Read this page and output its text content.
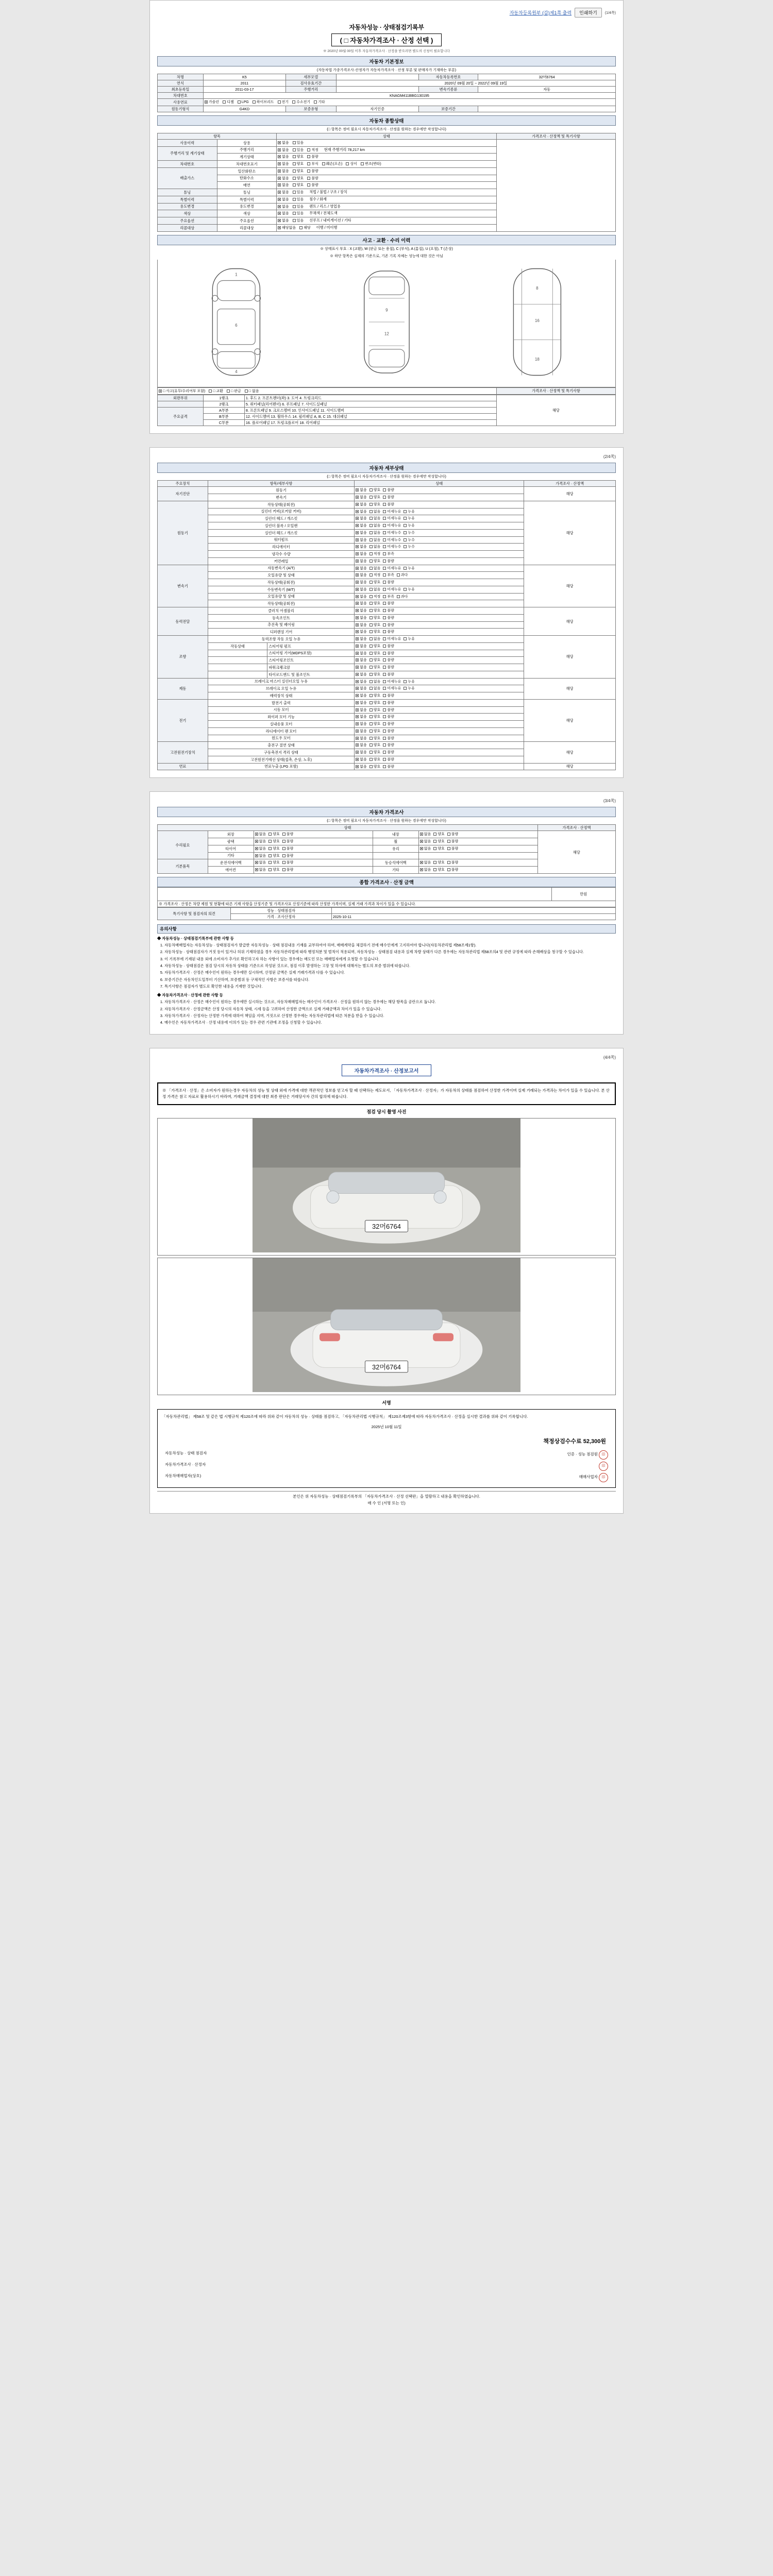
자동차등록원부 (갑)제1쪽 출력	인쇄하기	(1/4쪽)
자동차성능 · 상태점검기록부
( □ 자동차가격조사 · 산정 선택 )
※ 2020년 00월 00일 이후 자동차가격조사 · 산정을 받으려면 별도의 신청이 필요합니다
자동차 기본정보
(자동차법 가종가격조사·산정자가 자동차가격조사 · 산정 부분 및 판매자가 기재하는 부분)
차명	K5	세부모델		자동차등록번호	32머6764
연식	2011	검사유효기간	2020년 09월 20일 ~ 2022년 09월 19일		
최초등록일	2011-03-17	주행거리		변속기종류	자동
차대번호	KNAGM411BBG130195				
사용연료	가솔린 디젤 LPG 하이브리드 전기 수소전기 기타				
원동기형식	G4KD	보증유형	자기인증	보증기간	
자동차 종합상태
(□ 항목은 정비 필요시 자동차가격조사 · 산정을 원하는 경우에만 작성합니다)
항목		상태	가격조사 · 산정액 및 특기사항
사용이력	상용	없음 있음	
주행거리 및 계기상태	주행거리	없음 있음 적정 현재 주행거리 78,217 km	
	계기상태	없음 양호 불량	
차대번호	차대번호표기	없음 양호 부식 훼손(오손) 상이 변조(변타)	
배출가스	일산화탄소	없음 양호 불량	
	탄화수소	없음 양호 불량	
	매연	없음 양호 불량	
튜닝	튜닝	없음 있음 적법 / 불법 / 구조 / 장치	
특별이력	특별이력	없음 있음 침수 / 화재	
용도변경	용도변경	없음 있음 렌트 / 리스 / 영업용	
색상	색상	없음 있음 무채색 / 전체도색	
주요옵션	주요옵션	없음 있음 선루프 / 내비게이션 / 기타	
리콜대상	리콜대상	해당없음 해당 이행 / 미이행	
사고 · 교환 · 수리 이력
※ 상태표시 부호 : X (교환), W (판금 또는 용접), C (부식), A (흠집), U (요철), T (손상)
※ 하단 항목은 실제의 기준으로, 기존 기록 자체는 성능에 대한 것은 아님
1
6
4
9
12
8
16
18
□ 사고(유무/수리여부 포함) □ 교환 □ 판금 □ 없음	가격조사 · 산정액 및 특기사항
외판부위	1랭크	1. 후드 2. 프론트펜더(좌) 3. 도어 4. 트렁크리드	해당
	2랭크	5. 쿼터패널(리어펜더) 6. 루프패널 7. 사이드실패널	
주요골격	A부분	8. 프론트패널 9. 크로스멤버 10. 인사이드패널 11. 사이드멤버	
	B부분	12. 사이드멤버 13. 휠하우스 14. 필러패널 A, B, C 15. 대쉬패널	
	C부분	16. 플로어패널 17. 트렁크플로어 18. 리어패널	
(2/4쪽)
자동차 세부상태
(□ 항목은 정비 필요시 자동차가격조사 · 산정을 원하는 경우에만 작성합니다)
주요장치	항목/세부사항		상태	가격조사 · 산정액
자기진단	원동기		없음 양호 불량	해당
	변속기		없음 양호 불량	
원동기	작동상태(공회전)		없음 양호 불량	해당
	실린더 커버(로커암 커버)		없음 없음 미세누유 누유	
	실린더 헤드 / 개스킷		없음 없음 미세누유 누유	
	실린더 블록 / 오일팬		없음 없음 미세누유 누유	
	실린더 헤드 / 개스킷		없음 없음 미세누수 누수	
	워터펌프		없음 없음 미세누수 누수	
	라디에이터		없음 없음 미세누수 누수	
	냉각수 수량		없음 적정 부족	
	커먼레일		없음 양호 불량	
변속기	자동변속기 (A/T)		없음 없음 미세누유 누유	해당
	오일유량 및 상태		없음 적정 부족 과다	
	작동상태(공회전)		없음 양호 불량	
	수동변속기 (M/T)		없음 없음 미세누유 누유	
	오일유량 및 상태		없음 적정 부족 과다	
	작동상태(공회전)		없음 양호 불량	
동력전달	클러치 어셈블리		없음 양호 불량	해당
	등속조인트		없음 양호 불량	
	추진축 및 베어링		없음 양호 불량	
	디퍼렌셜 기어		없음 양호 불량	
조향	동력조향 작동 오일 누유		없음 없음 미세누유 누유	해당
	작동상태	스티어링 펌프	없음 양호 불량	
		스티어링 기어(MDPS포함)	없음 양호 불량	
		스티어링조인트	없음 양호 불량	
		파워크랭크암	없음 양호 불량	
		타이로드엔드 및 볼조인트	없음 양호 불량	
제동	브레이크 마스터 실린더오일 누유		없음 없음 미세누유 누유	해당
	브레이크 오일 누유		없음 없음 미세누유 누유	
	배력장치 상태		없음 양호 불량	
전기	발전기 출력		없음 양호 불량	해당
	시동 모터		없음 양호 불량	
	와이퍼 모터 기능		없음 양호 불량	
	실내송풍 모터		없음 양호 불량	
	라디에이터 팬 모터		없음 양호 불량	
	윈도우 모터		없음 양호 불량	
고전원전기장치	충전구 절연 상태		없음 양호 불량	해당
	구동축전지 격리 상태		없음 양호 불량	
	고전원전기배선 상태(접촉, 손상, 노후)		없음 양호 불량	
연료	연료누출 (LPG 포함)		없음 양호 불량	해당
(3/4쪽)
자동차 가격조사
(□ 항목은 정비 필요시 자동차가격조사 · 산정을 원하는 경우에만 작성합니다)
상태					가격조사 · 산정액
수리필요	외장	없음 양호 불량	내장	없음 양호 불량	해당
	광택	없음 양호 불량	휠	없음 양호 불량	
	타이어	없음 양호 불량	유리	없음 양호 불량	
	기타	없음 양호 불량			
기본품목	운전석에어백	없음 양호 불량	동승석에어백	없음 양호 불량	
	에어컨	없음 양호 불량	기타	없음 양호 불량	
종합 가격조사 · 산정 금액
	만원
※ 가격조사 · 산정은 차량 제원 및 현황에 따른 기재 사항을 산정기준 및 가격조사표 산정기준에 따라 산정한 가격이며, 실제 거래 가격과 차이가 있을 수 있습니다.
특기사항 및 점검자의 의견	성능 · 상태점검자	
	가격 · 조사산정자	2025-10-11
유의사항
◆ 자동차성능 · 상태점검기록부에 관한 사항 등
1. 자동차매매업자는 자동차성능 · 상태점검자가 발급한 자동차성능 · 상태 점검내용 기재를 교부하여야 하며, 매매계약을 체결하기 전에 매수인에게 고지하여야 합니다(자동차관리법 제58조제1항).
2. 자동차성능 · 상태점검자가 거짓 등이 있거나 허위 기재하였을 경우 자동차관리법에 따라 행정처분 및 벌칙이 적용되며, 자동차성능 · 상태점검 내용과 실제 차량 상태가 다른 경우에는 자동차관리법 제58조의4 및 관련 규정에 따라 손해배상을 청구할 수 있습니다.
3. 이 기록부에 기재된 내용 외에 소비자가 추가로 확인하고자 하는 사항이 있는 경우에는 매도인 또는 매매업자에게 요청할 수 있습니다.
4. 자동차성능 · 상태점검은 점검 당시의 자동차 상태를 기준으로 작성된 것으로, 점검 이후 발생하는 고장 및 하자에 대해서는 별도의 보증 범위에 따릅니다.
5. 자동차가격조사 · 산정은 매수인이 원하는 경우에만 실시하며, 산정된 금액은 실제 거래가격과 다를 수 있습니다.
6. 보증기간은 자동차인도일부터 기산하며, 보증범위 등 구체적인 사항은 보증서를 따릅니다.
7. 특기사항은 점검자가 별도로 확인한 내용을 기재한 것입니다.
◆ 자동차가격조사 · 산정에 관한 사항 등
1. 자동차가격조사 · 산정은 매수인이 원하는 경우에만 실시하는 것으로, 자동차매매업자는 매수인이 가격조사 · 산정을 원하지 않는 경우에는 해당 항목을 공란으로 둡니다.
2. 자동차가격조사 · 산정금액은 산정 당시의 자동차 상태, 시세 등을 고려하여 산정한 금액으로 실제 거래금액과 차이가 있을 수 있습니다.
3. 자동차가격조사 · 산정자는 산정한 가격에 대하여 책임을 지며, 거짓으로 산정한 경우에는 자동차관리법에 따른 처분을 받을 수 있습니다.
4. 매수인은 자동차가격조사 · 산정 내용에 이의가 있는 경우 관련 기관에 조정을 신청할 수 있습니다.
(4/4쪽)
자동차가격조사 · 산정보고서
※ 「가격조사 · 산정」은 소비자가 원하는경우 자동차의 성능 및 상태 외에 가격에 대한 객관적인 정보를 얻고자 할 때 선택하는 제도로서, 「자동차가격조사 · 산정자」가 자동차의 상태를 점검하여 산정한 가격이며 실제 거래되는 가격과는 차이가 있을 수 있습니다. 본 산정 가격은 참고 자료로 활용하시기 바라며, 거래금액 결정에 대한 최종 판단은 거래당사자 간의 합의에 따릅니다.
점검 당시 촬영 사진
32머6764
32머6764
서명
「자동차관리법」 제58조 및 같은 법 시행규칙 제120조에 따라 위와 같이 자동차의 성능 · 상태를 점검하고, 「자동차관리법 시행규칙」 제120조제3항에 따라 자동차가격조사 · 산정을 실시한 결과를 위와 같이 기록합니다.
2025년 10월 11일
책정상검수수료 52,300원
자동차성능 · 상태 점검자	인증 · 성능 점검원 印
자동차가격조사 · 산정자	印
자동차매매업자(상호)	매매사업자 印
본인은 위 자동차성능 · 상태점검기록부의 「자동차가격조사 · 산정 선택란」을 열람하고 내용을 확인하였습니다.
매 수 인 (서명 또는 인)
